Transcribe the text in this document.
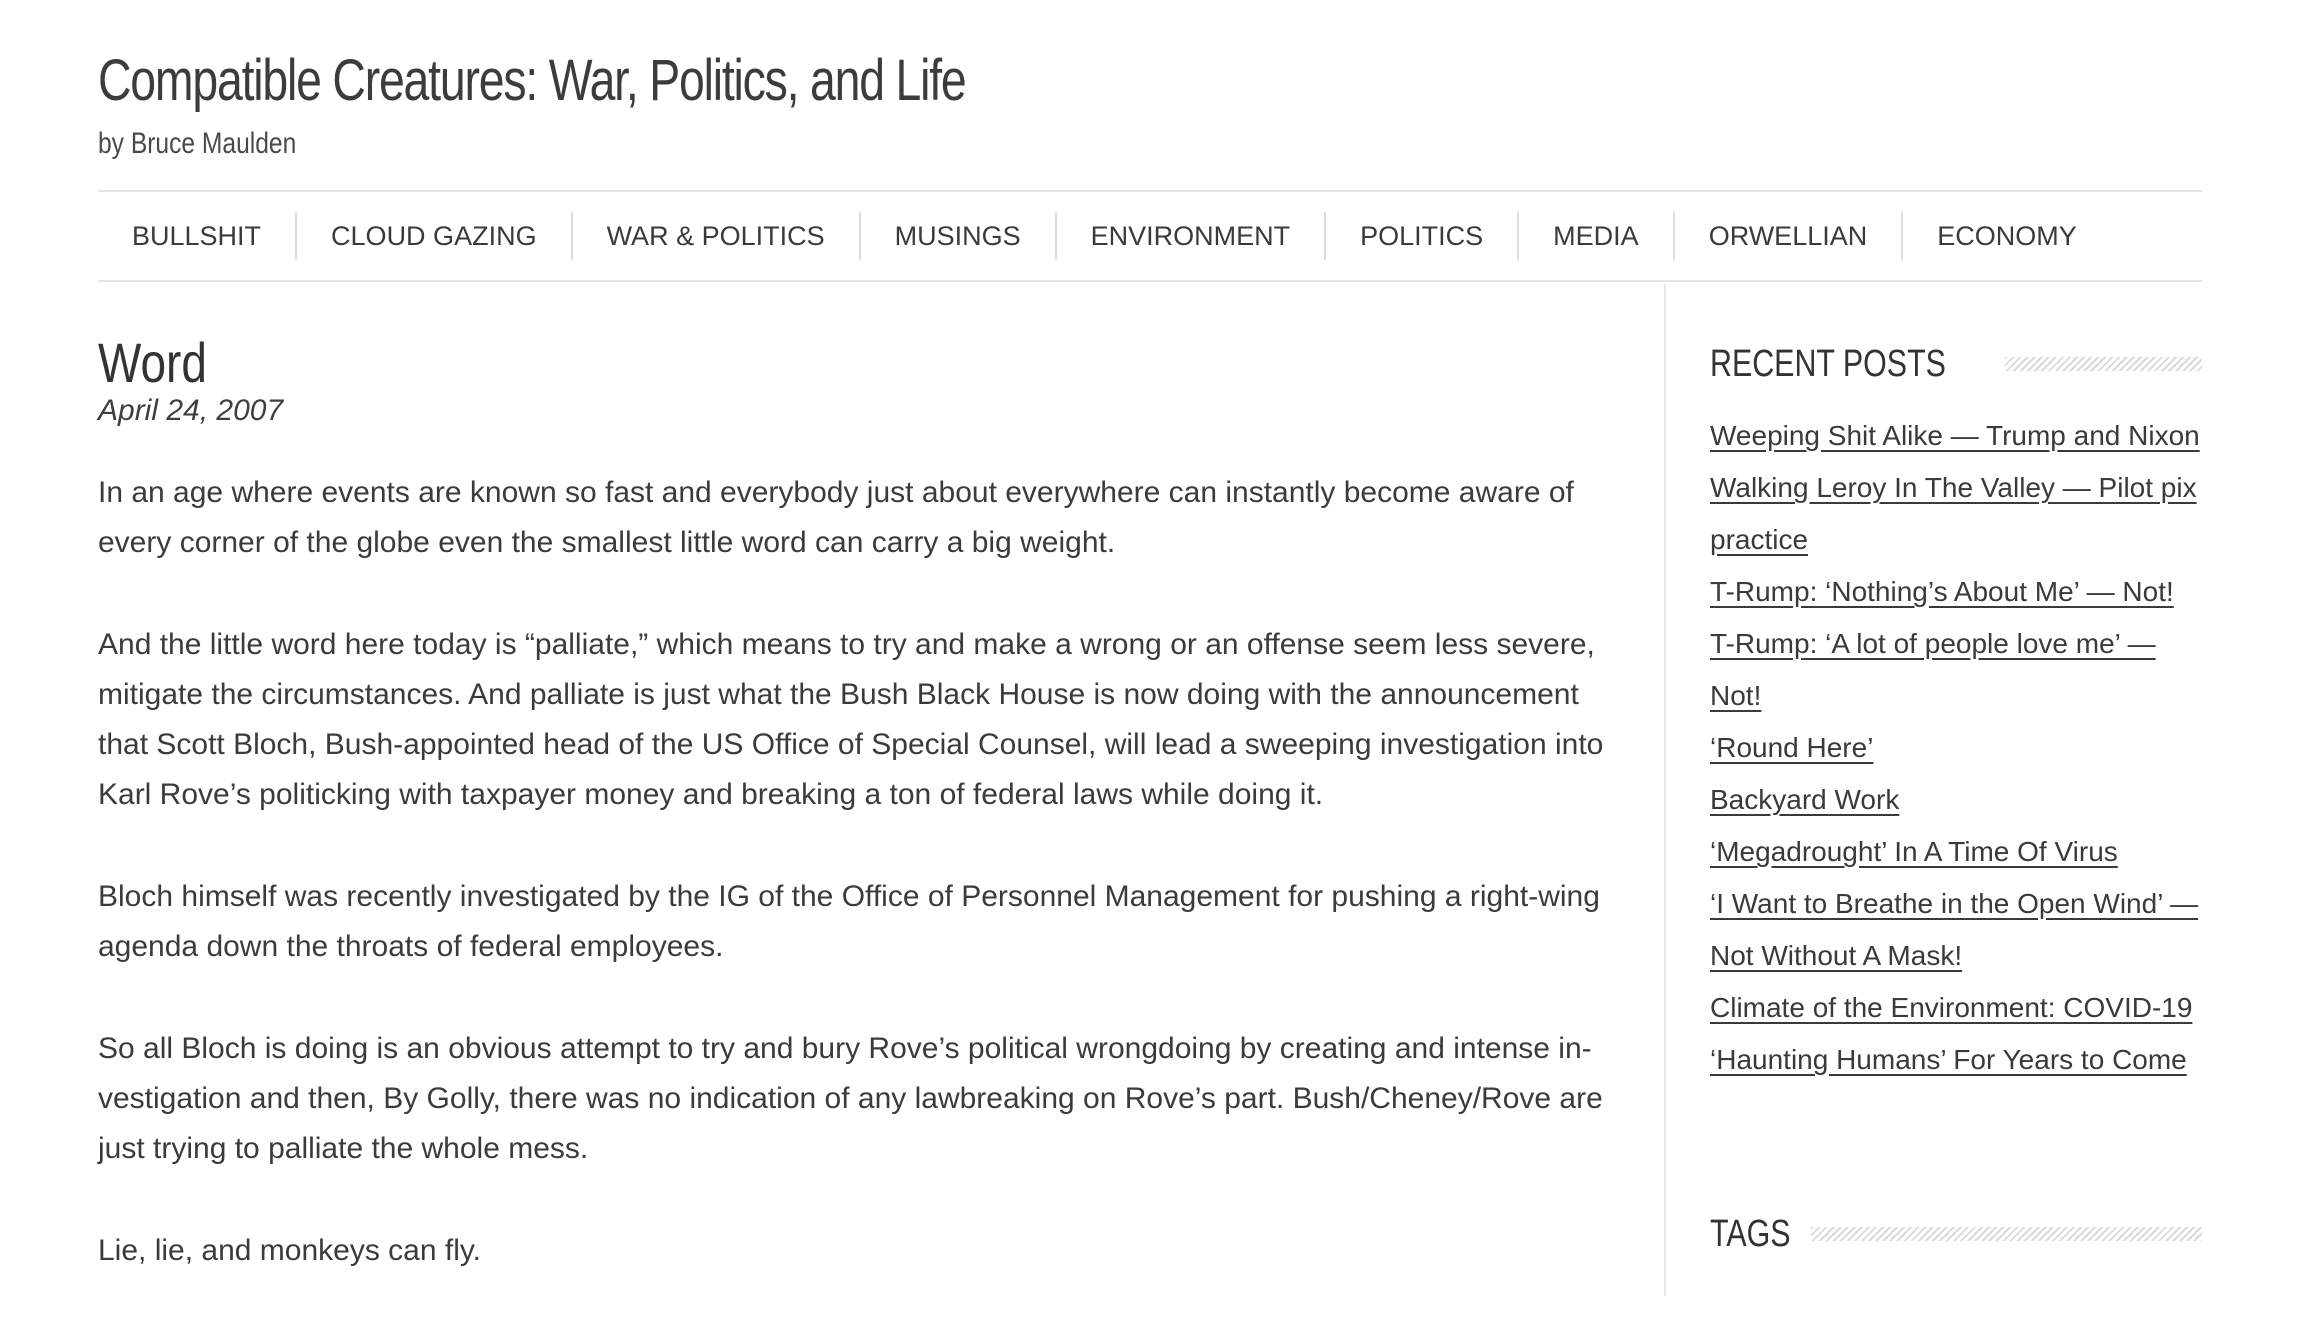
Compatible Creatures: War, Politics, and Life
by Bruce Maulden
BULLSHIT	CLOUD GAZING	WAR & POLITICS	MUSINGS	ENVIRONMENT	POLITICS	MEDIA	ORWELLIAN	ECONOMY
Word
April 24, 2007

In an age where events are known so fast and everybody just about everywhere can instantly become aware of every corner of the globe even the smallest little word can carry a big weight.

And the little word here today is “palliate,” which means to try and make a wrong or an offense seem less severe, mitigate the circumstances. And palliate is just what the Bush Black House is now doing with the announcement that Scott Bloch, Bush-appointed head of the US Office of Special Counsel, will lead a sweeping investigation into Karl Rove’s politicking with taxpayer money and breaking a ton of federal laws while doing it.

Bloch himself was recently investigated by the IG of the Office of Personnel Management for pushing a right-wing agenda down the throats of federal employees.

So all Bloch is doing is an obvious attempt to try and bury Rove’s political wrongdoing by creating and intense investigation and then, By Golly, there was no indication of any lawbreaking on Rove’s part. Bush/Cheney/Rove are just trying to palliate the whole mess.

Lie, lie, and monkeys can fly.

RECENT POSTS
Weeping Shit Alike — Trump and Nixon
Walking Leroy In The Valley — Pilot pix practice
T-Rump: ‘Nothing’s About Me’ — Not!
T-Rump: ‘A lot of people love me’ — Not!
‘Round Here’
Backyard Work
‘Megadrought’ In A Time Of Virus
‘I Want to Breathe in the Open Wind’ — Not Without A Mask!
Climate of the Environment: COVID-19
‘Haunting Humans’ For Years to Come
TAGS
